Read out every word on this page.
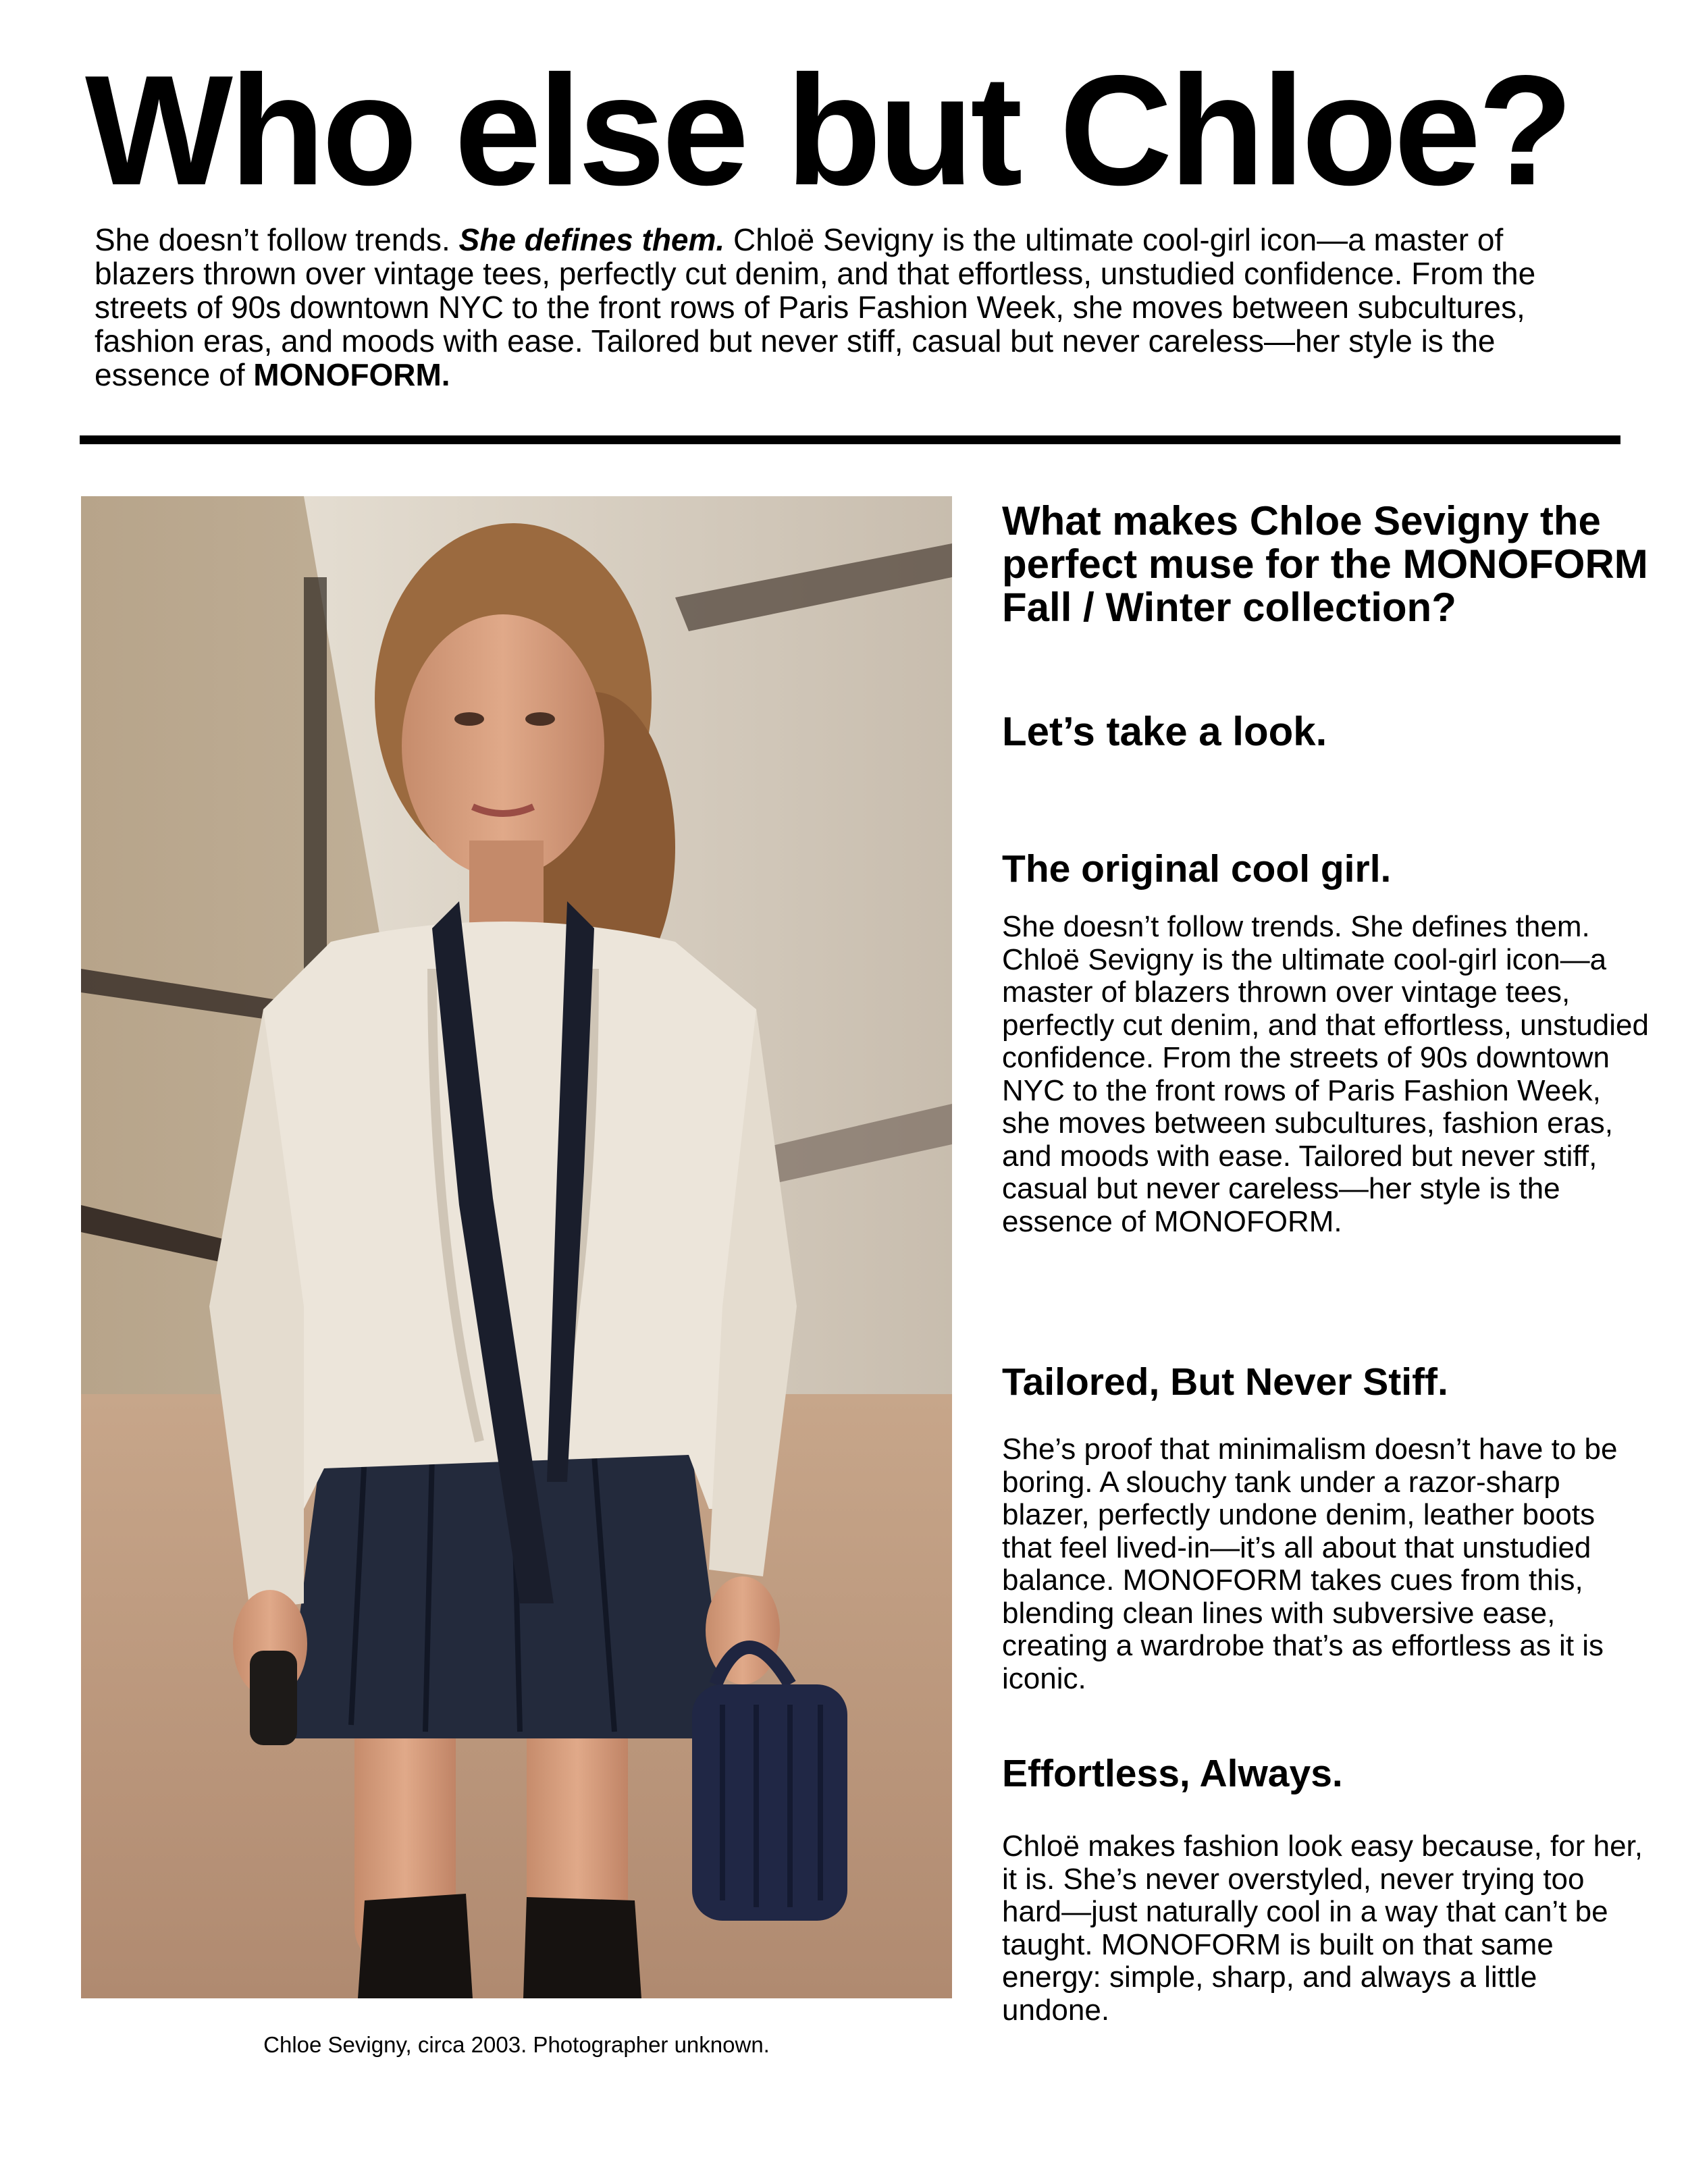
Who else but Chloe?

She doesn’t follow trends. She defines them. Chloë Sevigny is the ultimate cool-girl icon—a master of blazers thrown over vintage tees, perfectly cut denim, and that effortless, unstudied confidence. From the streets of 90s downtown NYC to the front rows of Paris Fashion Week, she moves between subcultures, fashion eras, and moods with ease. Tailored but never stiff, casual but never careless—her style is the essence of MONOFORM.

Chloe Sevigny, circa 2003. Photographer unknown.

What makes Chloe Sevigny the perfect muse for the MONOFORM Fall / Winter collection?

Let’s take a look.

The original cool girl.

She doesn’t follow trends. She defines them. Chloë Sevigny is the ultimate cool-girl icon—a master of blazers thrown over vintage tees, perfectly cut denim, and that effortless, unstudied confidence. From the streets of 90s downtown NYC to the front rows of Paris Fashion Week, she moves between subcultures, fashion eras, and moods with ease. Tailored but never stiff, casual but never careless—her style is the essence of MONOFORM.

Tailored, But Never Stiff.

She’s proof that minimalism doesn’t have to be boring. A slouchy tank under a razor-sharp blazer, perfectly undone denim, leather boots that feel lived-in—it’s all about that unstudied balance. MONOFORM takes cues from this, blending clean lines with subversive ease, creating a wardrobe that’s as effortless as it is iconic.

Effortless, Always.

Chloë makes fashion look easy because, for her, it is. She’s never overstyled, never trying too hard—just naturally cool in a way that can’t be taught. MONOFORM is built on that same energy: simple, sharp, and always a little undone.
